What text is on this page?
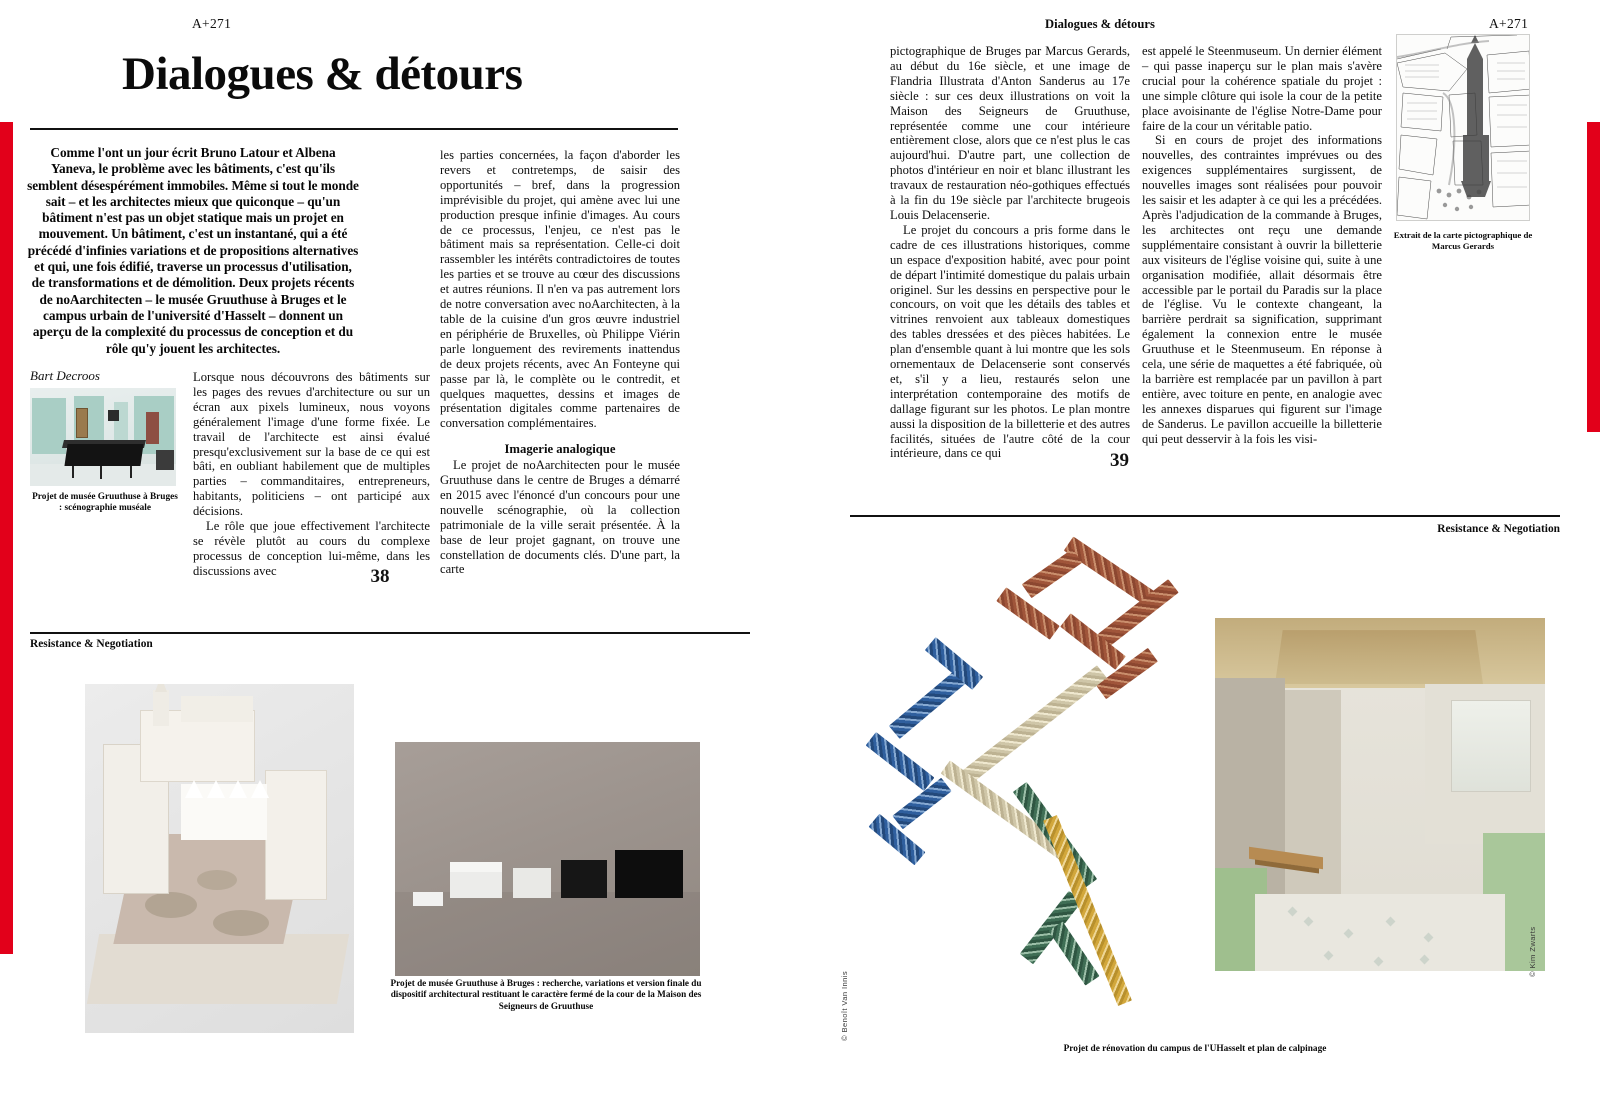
A+271
Dialogues & détours
Comme l'ont un jour écrit Bruno Latour et Albena Yaneva, le problème avec les bâtiments, c'est qu'ils semblent désespérément immobiles. Même si tout le monde sait – et les architectes mieux que quiconque – qu'un bâtiment n'est pas un objet statique mais un projet en mouvement. Un bâtiment, c'est un instantané, qui a été précédé d'infinies variations et de propositions alternatives et qui, une fois édifié, traverse un processus d'utilisation, de transformations et de démolition. Deux projets récents de noAarchitecten – le musée Gruuthuse à Bruges et le campus urbain de l'université d'Hasselt – donnent un aperçu de la complexité du processus de conception et du rôle qu'y jouent les architectes.
Bart Decroos
Projet de musée Gruuthuse à Bruges : scénographie muséale

Lorsque nous découvrons des bâtiments sur les pages des revues d'architecture ou sur un écran aux pixels lumineux, nous voyons généralement l'image d'une forme fixée. Le travail de l'architecte est ainsi évalué presqu'exclusivement sur la base de ce qui est bâti, en oubliant habilement que de multiples parties – commanditaires, entrepreneurs, habitants, politiciens – ont participé aux décisions.

Le rôle que joue effectivement l'architecte se révèle plutôt au cours du complexe processus de conception lui-même, dans les discussions avec

les parties concernées, la façon d'aborder les revers et contretemps, de saisir des opportunités – bref, dans la progression imprévisible du projet, qui amène avec lui une production presque infinie d'images. Au cours de ce processus, l'enjeu, ce n'est pas le bâtiment mais sa représentation. Celle-ci doit rassembler les intérêts contradictoires de toutes les parties et se trouve au cœur des discussions et autres réunions. Il n'en va pas autrement lors de notre conversation avec noAarchitecten, à la table de la cuisine d'un gros œuvre industriel en périphérie de Bruxelles, où Philippe Viérin parle longuement des revirements inattendus de deux projets récents, avec An Fonteyne qui passe par là, le complète ou le contredit, et quelques maquettes, dessins et images de présentation digitales comme partenaires de conversation complémentaires.

Imagerie analogique

Le projet de noAarchitecten pour le musée Gruuthuse dans le centre de Bruges a démarré en 2015 avec l'énoncé d'un concours pour une nouvelle scénographie, où la collection patrimoniale de la ville serait présentée. À la base de leur projet gagnant, on trouve une constellation de documents clés. D'une part, la carte

38
Resistance & Negotiation
Projet de musée Gruuthuse à Bruges : recherche, variations et version finale du dispositif architectural restituant le caractère fermé de la cour de la Maison des Seigneurs de Gruuthuse
Dialogues & détours	A+271

pictographique de Bruges par Marcus Gerards, au début du 16e siècle, et une image de Flandria Illustrata d'Anton Sanderus au 17e siècle : sur ces deux illustrations on voit la Maison des Seigneurs de Gruuthuse, représentée comme une cour intérieure entièrement close, alors que ce n'est plus le cas aujourd'hui. D'autre part, une collection de photos d'intérieur en noir et blanc illustrant les travaux de restauration néo-gothiques effectués à la fin du 19e siècle par l'architecte brugeois Louis Delacenserie.

Le projet du concours a pris forme dans le cadre de ces illustrations historiques, comme un espace d'exposition habité, avec pour point de départ l'intimité domestique du palais urbain originel. Sur les dessins en perspective pour le concours, on voit que les détails des tables et vitrines renvoient aux tableaux domestiques des tables dressées et des pièces habitées. Le plan d'ensemble quant à lui montre que les sols ornementaux de Delacenserie sont conservés et, s'il y a lieu, restaurés selon une interprétation contemporaine des motifs de dallage figurant sur les photos. Le plan montre aussi la disposition de la billetterie et des autres facilités, situées de l'autre côté de la cour intérieure, dans ce qui

est appelé le Steenmuseum. Un dernier élément – qui passe inaperçu sur le plan mais s'avère crucial pour la cohérence spatiale du projet : une simple clôture qui isole la cour de la petite place avoisinante de l'église Notre-Dame pour faire de la cour un véritable patio.

Si en cours de projet des informations nouvelles, des contraintes imprévues ou des exigences supplémentaires surgissent, de nouvelles images sont réalisées pour pouvoir les saisir et les adapter à ce qui les a précédées. Après l'adjudication de la commande à Bruges, les architectes ont reçu une demande supplémentaire consistant à ouvrir la billetterie aux visiteurs de l'église voisine qui, suite à une organisation modifiée, allait désormais être accessible par le portail du Paradis sur la place de l'église. Vu le contexte changeant, la barrière perdrait sa signification, supprimant également la connexion entre le musée Gruuthuse et le Steenmuseum. En réponse à cela, une série de maquettes a été fabriquée, où la barrière est remplacée par un pavillon à part entière, avec toiture en pente, en analogie avec les annexes disparues qui figurent sur l'image de Sanderus. Le pavillon accueille la billetterie qui peut desservir à la fois les visi-

Extrait de la carte pictographique de Marcus Gerards
39
Resistance & Negotiation
© Benoît Van Innis
© Kim Zwarts
Projet de rénovation du campus de l'UHasselt et plan de calpinage
